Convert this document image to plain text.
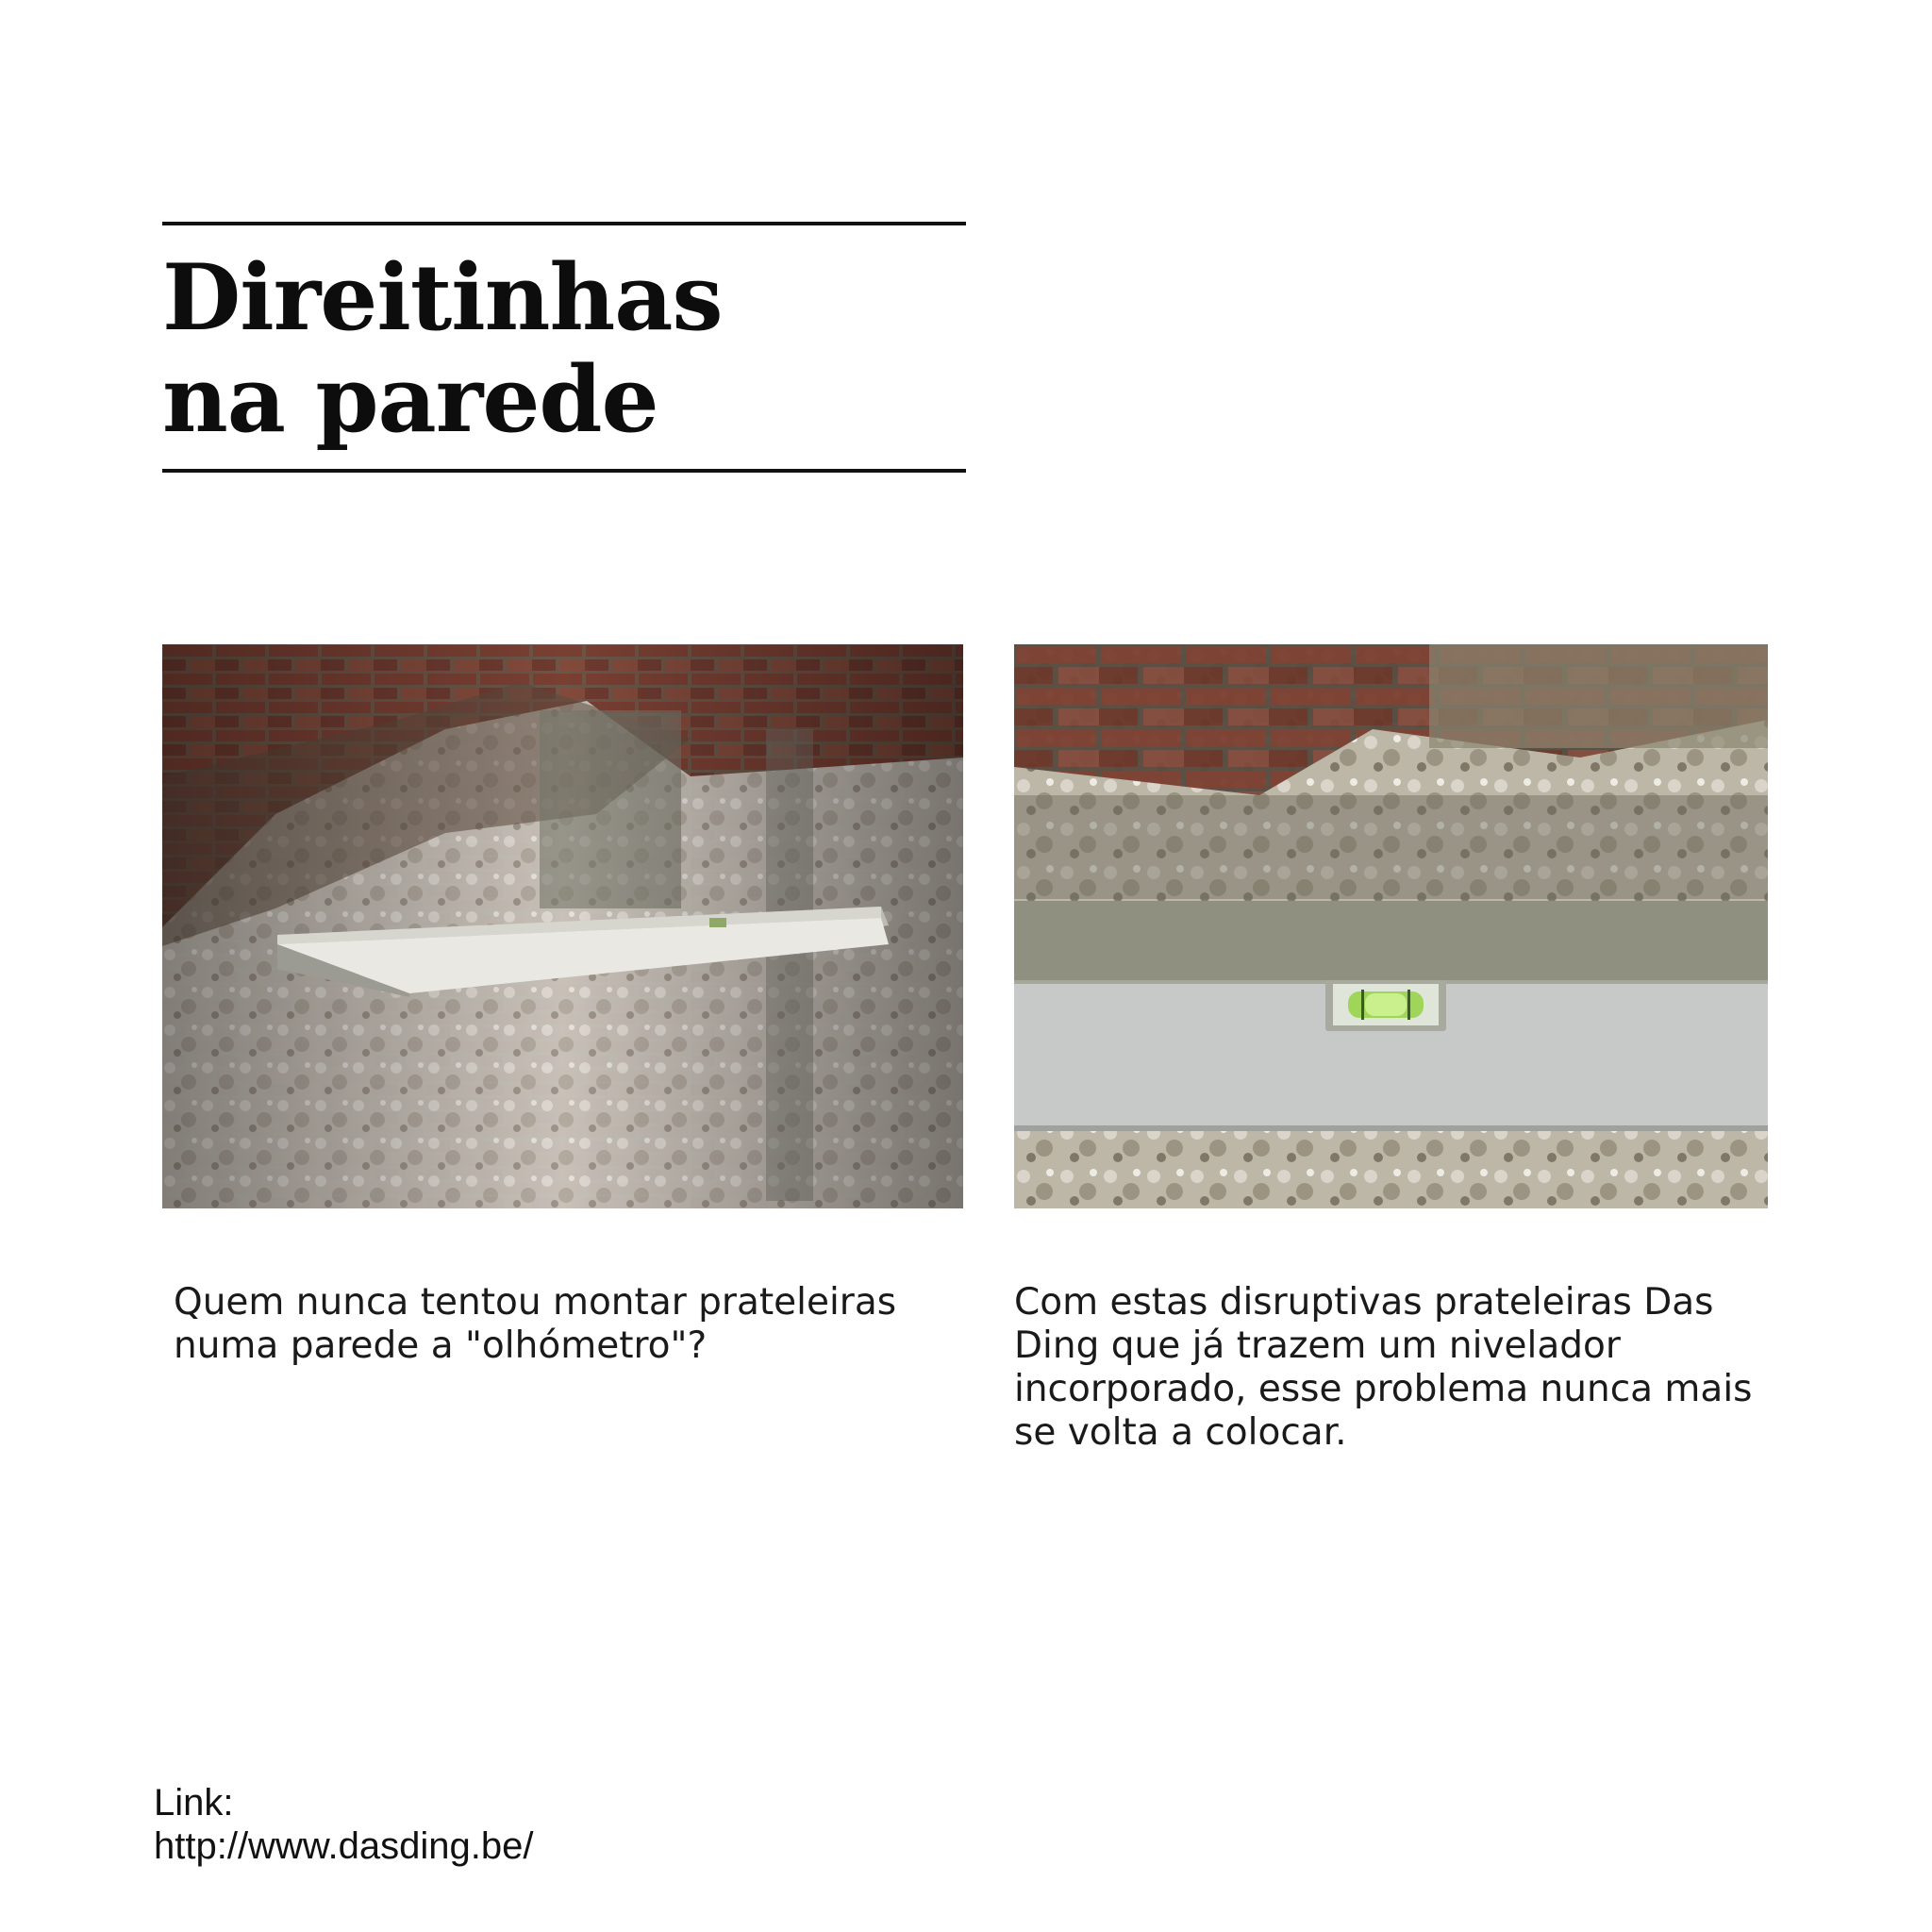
Direitinhas
na parede
Quem nunca tentou montar prateleiras
numa parede a "olhómetro"?
Com estas disruptivas prateleiras Das
Ding que já trazem um nivelador
incorporado, esse problema nunca mais
se volta a colocar.
Link:
http://www.dasding.be/
